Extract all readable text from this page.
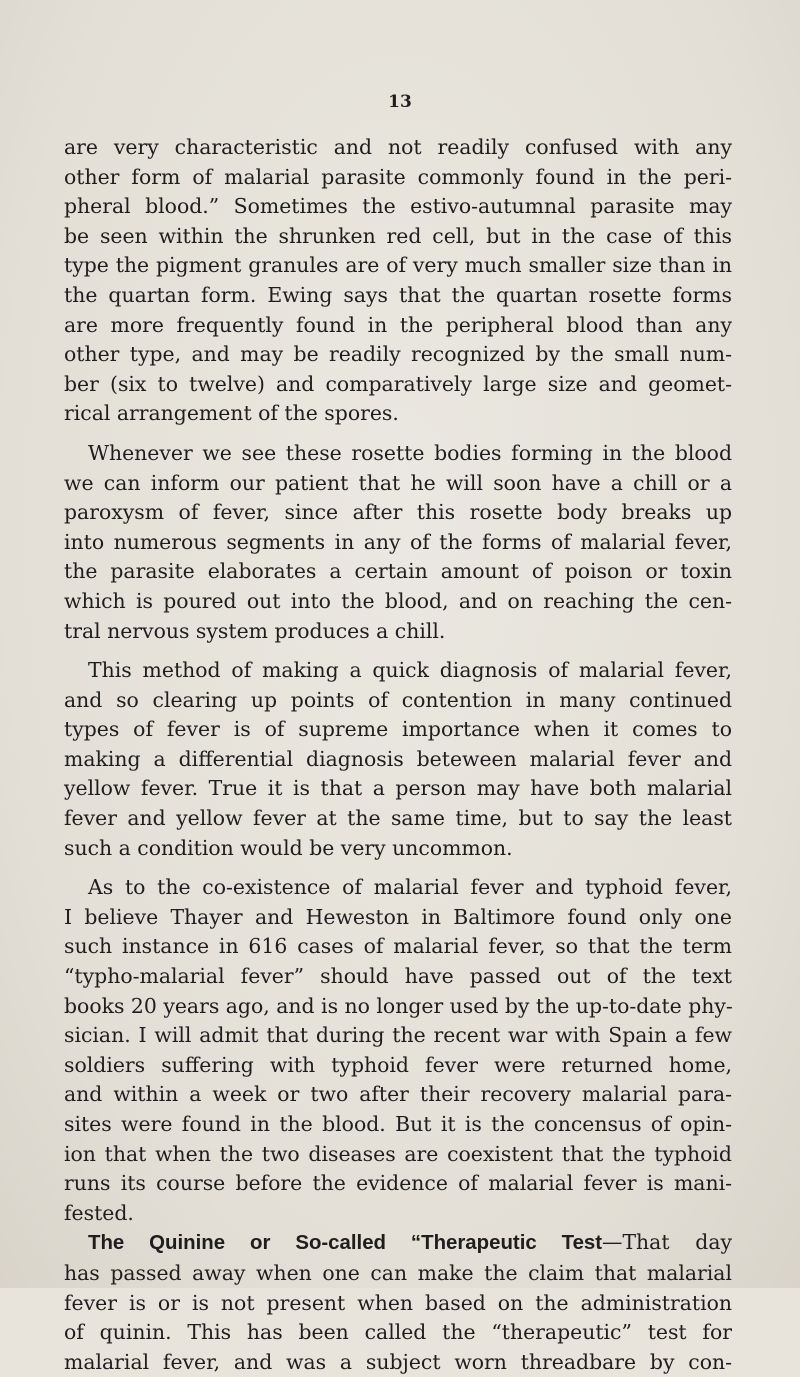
13
are very characteristic and not readily confused with any
other form of malarial parasite commonly found in the peri-
pheral blood.” Sometimes the estivo-autumnal parasite may
be seen within the shrunken red cell, but in the case of this
type the pigment granules are of very much smaller size than in
the quartan form. Ewing says that the quartan rosette forms
are more frequently found in the peripheral blood than any
other type, and may be readily recognized by the small num-
ber (six to twelve) and comparatively large size and geomet-
rical arrangement of the spores.
Whenever we see these rosette bodies forming in the blood
we can inform our patient that he will soon have a chill or a
paroxysm of fever, since after this rosette body breaks up
into numerous segments in any of the forms of malarial fever,
the parasite elaborates a certain amount of poison or toxin
which is poured out into the blood, and on reaching the cen-
tral nervous system produces a chill.
This method of making a quick diagnosis of malarial fever,
and so clearing up points of contention in many continued
types of fever is of supreme importance when it comes to
making a differential diagnosis beteween malarial fever and
yellow fever. True it is that a person may have both malarial
fever and yellow fever at the same time, but to say the least
such a condition would be very uncommon.
As to the co-existence of malarial fever and typhoid fever,
I believe Thayer and Heweston in Baltimore found only one
such instance in 616 cases of malarial fever, so that the term
“typho-malarial fever” should have passed out of the text
books 20 years ago, and is no longer used by the up-to-date phy-
sician. I will admit that during the recent war with Spain a few
soldiers suffering with typhoid fever were returned home,
and within a week or two after their recovery malarial para-
sites were found in the blood. But it is the concensus of opin-
ion that when the two diseases are coexistent that the typhoid
runs its course before the evidence of malarial fever is mani-
fested.
The Quinine or So-called “Therapeutic Test—That day
has passed away when one can make the claim that malarial
fever is or is not present when based on the administration
of quinin. This has been called the “therapeutic” test for
malarial fever, and was a subject worn threadbare by con-
